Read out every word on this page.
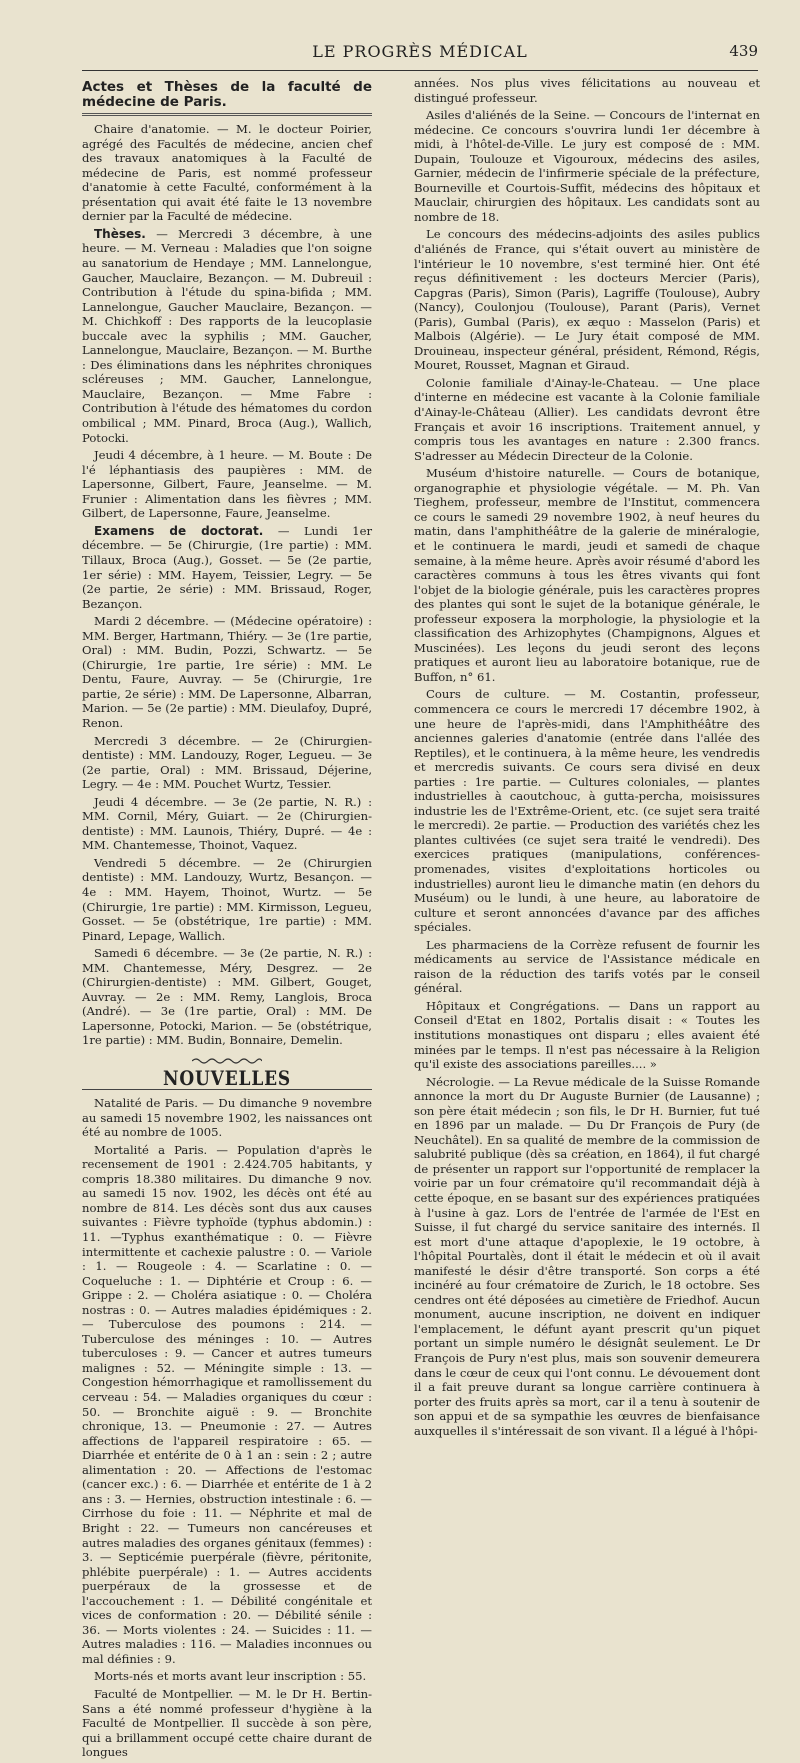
LE PROGRÈS MÉDICAL	439
Actes et Thèses de la faculté de médecine de Paris.

Chaire d'anatomie. — M. le docteur Poirier, agrégé des Facultés de médecine, ancien chef des travaux anatomiques à la Faculté de médecine de Paris, est nommé professeur d'anatomie à cette Faculté, conformément à la présentation qui avait été faite le 13 novembre dernier par la Faculté de médecine.

Thèses. — Mercredi 3 décembre, à une heure. — M. Verneau : Maladies que l'on soigne au sanatorium de Hendaye ; MM. Lannelongue, Gaucher, Mauclaire, Bezançon. — M. Dubreuil : Contribution à l'étude du spina-bifida ; MM. Lannelongue, Gaucher Mauclaire, Bezançon. — M. Chichkoff : Des rapports de la leucoplasie buccale avec la syphilis ; MM. Gaucher, Lannelongue, Mauclaire, Bezançon. — M. Burthe : Des éliminations dans les néphrites chroniques scléreuses ; MM. Gaucher, Lannelongue, Mauclaire, Bezançon. — Mme Fabre : Contribution à l'étude des hématomes du cordon ombilical ; MM. Pinard, Broca (Aug.), Wallich, Potocki.

Jeudi 4 décembre, à 1 heure. — M. Boute : De l'é léphantiasis des paupières : MM. de Lapersonne, Gilbert, Faure, Jeanselme. — M. Frunier : Alimentation dans les fièvres ; MM. Gilbert, de Lapersonne, Faure, Jeanselme.

Examens de doctorat. — Lundi 1er décembre. — 5e (Chirurgie, (1re partie) : MM. Tillaux, Broca (Aug.), Gosset. — 5e (2e partie, 1er série) : MM. Hayem, Teissier, Legry. — 5e (2e partie, 2e série) : MM. Brissaud, Roger, Bezançon.

Mardi 2 décembre. — (Médecine opératoire) : MM. Berger, Hartmann, Thiéry. — 3e (1re partie, Oral) : MM. Budin, Pozzi, Schwartz. — 5e (Chirurgie, 1re partie, 1re série) : MM. Le Dentu, Faure, Auvray. — 5e (Chirurgie, 1re partie, 2e série) : MM. De Lapersonne, Albarran, Marion. — 5e (2e partie) : MM. Dieulafoy, Dupré, Renon.

Mercredi 3 décembre. — 2e (Chirurgien-dentiste) : MM. Landouzy, Roger, Legueu. — 3e (2e partie, Oral) : MM. Brissaud, Déjerine, Legry. — 4e : MM. Pouchet Wurtz, Tessier.

Jeudi 4 décembre. — 3e (2e partie, N. R.) : MM. Cornil, Méry, Guiart. — 2e (Chirurgien-dentiste) : MM. Launois, Thiéry, Dupré. — 4e : MM. Chantemesse, Thoinot, Vaquez.

Vendredi 5 décembre. — 2e (Chirurgien dentiste) : MM. Landouzy, Wurtz, Besançon. — 4e : MM. Hayem, Thoinot, Wurtz. — 5e (Chirurgie, 1re partie) : MM. Kirmisson, Legueu, Gosset. — 5e (obstétrique, 1re partie) : MM. Pinard, Lepage, Wallich.

Samedi 6 décembre. — 3e (2e partie, N. R.) : MM. Chantemesse, Méry, Desgrez. — 2e (Chirurgien-dentiste) : MM. Gilbert, Gouget, Auvray. — 2e : MM. Remy, Langlois, Broca (André). — 3e (1re partie, Oral) : MM. De Lapersonne, Potocki, Marion. — 5e (obstétrique, 1re partie) : MM. Budin, Bonnaire, Demelin.

NOUVELLES

Natalité de Paris. — Du dimanche 9 novembre au samedi 15 novembre 1902, les naissances ont été au nombre de 1005.

Mortalité a Paris. — Population d'après le recensement de 1901 : 2.424.705 habitants, y compris 18.380 militaires. Du dimanche 9 nov. au samedi 15 nov. 1902, les décès ont été au nombre de 814. Les décès sont dus aux causes suivantes : Fièvre typhoïde (typhus abdomin.) : 11. —Typhus exanthématique : 0. — Fièvre intermittente et cachexie palustre : 0. — Variole : 1. — Rougeole : 4. — Scarlatine : 0. — Coqueluche : 1. — Diphtérie et Croup : 6. — Grippe : 2. — Choléra asiatique : 0. — Choléra nostras : 0. — Autres maladies épidémiques : 2. — Tuberculose des poumons : 214. — Tuberculose des méninges : 10. — Autres tuberculoses : 9. — Cancer et autres tumeurs malignes : 52. — Méningite simple : 13. — Congestion hémorrhagique et ramollissement du cerveau : 54. — Maladies organiques du cœur : 50. — Bronchite aiguë : 9. — Bronchite chronique, 13. — Pneumonie : 27. — Autres affections de l'appareil respiratoire : 65. — Diarrhée et entérite de 0 à 1 an : sein : 2 ; autre alimentation : 20. — Affections de l'estomac (cancer exc.) : 6. — Diarrhée et entérite de 1 à 2 ans : 3. — Hernies, obstruction intestinale : 6. — Cirrhose du foie : 11. — Néphrite et mal de Bright : 22. — Tumeurs non cancéreuses et autres maladies des organes génitaux (femmes) : 3. — Septicémie puerpérale (fièvre, péritonite, phlébite puerpérale) : 1. — Autres accidents puerpéraux de la grossesse et de l'accouchement : 1. — Débilité congénitale et vices de conformation : 20. — Débilité sénile : 36. — Morts violentes : 24. — Suicides : 11. — Autres maladies : 116. — Maladies inconnues ou mal définies : 9.

Morts-nés et morts avant leur inscription : 55.

Faculté de Montpellier. — M. le Dr H. Bertin-Sans a été nommé professeur d'hygiène à la Faculté de Montpellier. Il succède à son père, qui a brillamment occupé cette chaire durant de longues

années. Nos plus vives félicitations au nouveau et distingué professeur.

Asiles d'aliénés de la Seine. — Concours de l'internat en médecine. Ce concours s'ouvrira lundi 1er décembre à midi, à l'hôtel-de-Ville. Le jury est composé de : MM. Dupain, Toulouze et Vigouroux, médecins des asiles, Garnier, médecin de l'infirmerie spéciale de la préfecture, Bourneville et Courtois-Suffit, médecins des hôpitaux et Mauclair, chirurgien des hôpitaux. Les candidats sont au nombre de 18.

Le concours des médecins-adjoints des asiles publics d'aliénés de France, qui s'était ouvert au ministère de l'intérieur le 10 novembre, s'est terminé hier. Ont été reçus définitivement : les docteurs Mercier (Paris), Capgras (Paris), Simon (Paris), Lagriffe (Toulouse), Aubry (Nancy), Coulonjou (Toulouse), Parant (Paris), Vernet (Paris), Gumbal (Paris), ex æquo : Masselon (Paris) et Malbois (Algérie). — Le Jury était composé de MM. Drouineau, inspecteur général, président, Rémond, Régis, Mouret, Rousset, Magnan et Giraud.

Colonie familiale d'Ainay-le-Chateau. — Une place d'interne en médecine est vacante à la Colonie familiale d'Ainay-le-Château (Allier). Les candidats devront être Français et avoir 16 inscriptions. Traitement annuel, y compris tous les avantages en nature : 2.300 francs. S'adresser au Médecin Directeur de la Colonie.

Muséum d'histoire naturelle. — Cours de botanique, organographie et physiologie végétale. — M. Ph. Van Tieghem, professeur, membre de l'Institut, commencera ce cours le samedi 29 novembre 1902, à neuf heures du matin, dans l'amphithéâtre de la galerie de minéralogie, et le continuera le mardi, jeudi et samedi de chaque semaine, à la même heure. Après avoir résumé d'abord les caractères communs à tous les êtres vivants qui font l'objet de la biologie générale, puis les caractères propres des plantes qui sont le sujet de la botanique générale, le professeur exposera la morphologie, la physiologie et la classification des Arhizophytes (Champignons, Algues et Muscinées). Les leçons du jeudi seront des leçons pratiques et auront lieu au laboratoire botanique, rue de Buffon, n° 61.

Cours de culture. — M. Costantin, professeur, commencera ce cours le mercredi 17 décembre 1902, à une heure de l'après-midi, dans l'Amphithéâtre des anciennes galeries d'anatomie (entrée dans l'allée des Reptiles), et le continuera, à la même heure, les vendredis et mercredis suivants. Ce cours sera divisé en deux parties : 1re partie. — Cultures coloniales, — plantes industrielles à caoutchouc, à gutta-percha, moisissures industrie les de l'Extrême-Orient, etc. (ce sujet sera traité le mercredi). 2e partie. — Production des variétés chez les plantes cultivées (ce sujet sera traité le vendredi). Des exercices pratiques (manipulations, conférences-promenades, visites d'exploitations horticoles ou industrielles) auront lieu le dimanche matin (en dehors du Muséum) ou le lundi, à une heure, au laboratoire de culture et seront annoncées d'avance par des affiches spéciales.

Les pharmaciens de la Corrèze refusent de fournir les médicaments au service de l'Assistance médicale en raison de la réduction des tarifs votés par le conseil général.

Hôpitaux et Congrégations. — Dans un rapport au Conseil d'Etat en 1802, Portalis disait : « Toutes les institutions monastiques ont disparu ; elles avaient été minées par le temps. Il n'est pas nécessaire à la Religion qu'il existe des associations pareilles.... »

Nécrologie. — La Revue médicale de la Suisse Romande annonce la mort du Dr Auguste Burnier (de Lausanne) ; son père était médecin ; son fils, le Dr H. Burnier, fut tué en 1896 par un malade. — Du Dr François de Pury (de Neuchâtel). En sa qualité de membre de la commission de salubrité publique (dès sa création, en 1864), il fut chargé de présenter un rapport sur l'opportunité de remplacer la voirie par un four crématoire qu'il recommandait déjà à cette époque, en se basant sur des expériences pratiquées à l'usine à gaz. Lors de l'entrée de l'armée de l'Est en Suisse, il fut chargé du service sanitaire des internés. Il est mort d'une attaque d'apoplexie, le 19 octobre, à l'hôpital Pourtalès, dont il était le médecin et où il avait manifesté le désir d'être transporté. Son corps a été incinéré au four crématoire de Zurich, le 18 octobre. Ses cendres ont été déposées au cimetière de Friedhof. Aucun monument, aucune inscription, ne doivent en indiquer l'emplacement, le défunt ayant prescrit qu'un piquet portant un simple numéro le désignât seulement. Le Dr François de Pury n'est plus, mais son souvenir demeurera dans le cœur de ceux qui l'ont connu. Le dévouement dont il a fait preuve durant sa longue carrière continuera à porter des fruits après sa mort, car il a tenu à soutenir de son appui et de sa sympathie les œuvres de bienfaisance auxquelles il s'intéressait de son vivant. Il a légué à l'hôpi-
